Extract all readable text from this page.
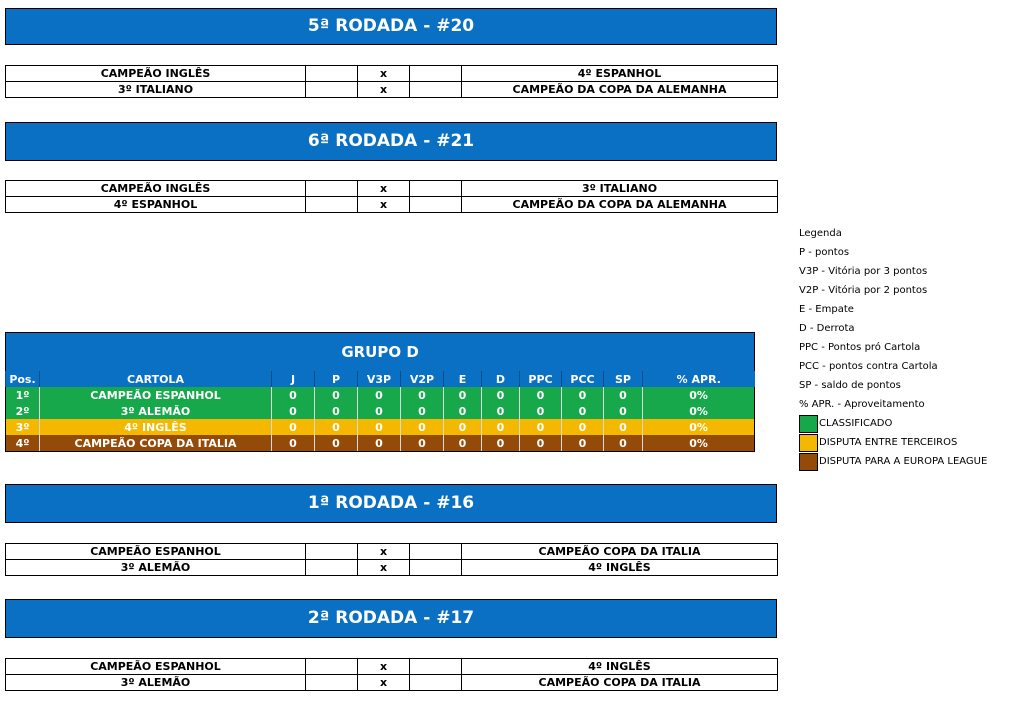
5ª RODADA - #20
CAMPEÃO INGLÊS		x		4º ESPANHOL
3º ITALIANO		x		CAMPEÃO DA COPA DA ALEMANHA
6ª RODADA - #21
CAMPEÃO INGLÊS		x		3º ITALIANO
4º ESPANHOL		x		CAMPEÃO DA COPA DA ALEMANHA
GRUPO D											
Pos.	CARTOLA	J	P	V3P	V2P	E	D	PPC	PCC	SP	% APR.
1º	CAMPEÃO ESPANHOL	0	0	0	0	0	0	0	0	0	0%
2º	3º ALEMÃO	0	0	0	0	0	0	0	0	0	0%
3º	4º INGLÊS	0	0	0	0	0	0	0	0	0	0%
4º	CAMPEÃO COPA DA ITALIA	0	0	0	0	0	0	0	0	0	0%
Legenda
P - pontos
V3P - Vitória por 3 pontos
V2P - Vitória por 2 pontos
E - Empate
D - Derrota
PPC - Pontos pró Cartola
PCC - pontos contra Cartola
SP - saldo de pontos
% APR. - Aproveitamento
CLASSIFICADO
DISPUTA ENTRE TERCEIROS
DISPUTA PARA A EUROPA LEAGUE
1ª RODADA - #16
CAMPEÃO ESPANHOL		x		CAMPEÃO COPA DA ITALIA
3º ALEMÃO		x		4º INGLÊS
2ª RODADA - #17
CAMPEÃO ESPANHOL		x		4º INGLÊS
3º ALEMÃO		x		CAMPEÃO COPA DA ITALIA
